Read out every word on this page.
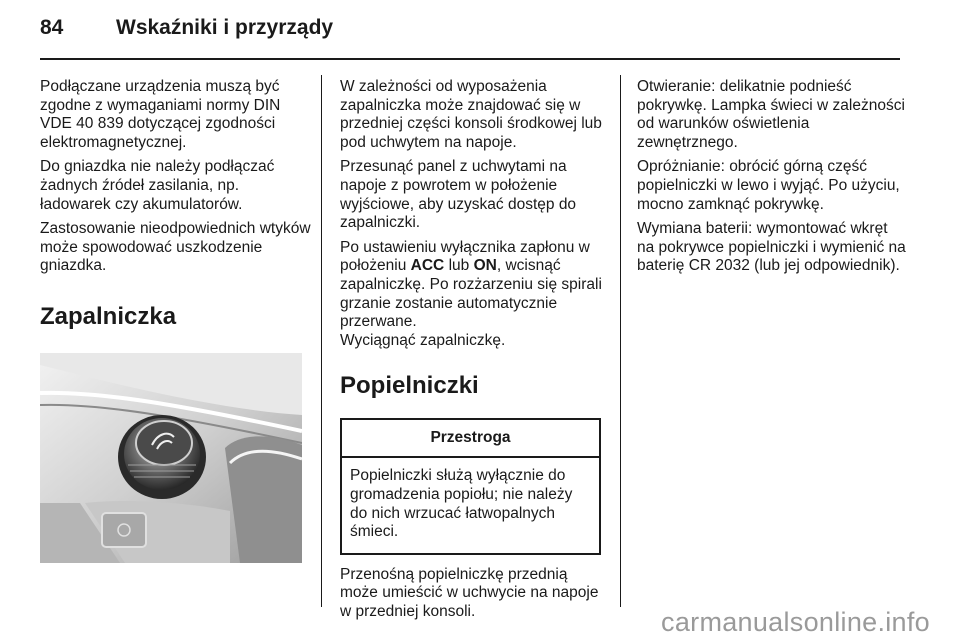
84	Wskaźniki i przyrządy

Podłączane urządzenia muszą być zgodne z wymaganiami normy DIN VDE 40 839 dotyczącej zgodności elektromagnetycznej.

Do gniazdka nie należy podłączać żadnych źródeł zasilania, np. ładowarek czy akumulatorów.

Zastosowanie nieodpowiednich wtyków może spowodować uszkodzenie gniazdka.

Zapalniczka

W zależności od wyposażenia zapalniczka może znajdować się w przedniej części konsoli środkowej lub pod uchwytem na napoje.

Przesunąć panel z uchwytami na napoje z powrotem w położenie wyjściowe, aby uzyskać dostęp do zapalniczki.

Po ustawieniu wyłącznika zapłonu w położeniu ACC lub ON, wcisnąć zapalniczkę. Po rozżarzeniu się spirali grzanie zostanie automatycznie przerwane.
Wyciągnąć zapalniczkę.

Popielniczki
Przestroga
Popielniczki służą wyłącznie do gromadzenia popiołu; nie należy do nich wrzucać łatwopalnych śmieci.

Przenośną popielniczkę przednią może umieścić w uchwycie na napoje w przedniej konsoli.

Otwieranie: delikatnie podnieść pokrywkę. Lampka świeci w zależności od warunków oświetlenia zewnętrznego.

Opróżnianie: obrócić górną część popielniczki w lewo i wyjąć. Po użyciu, mocno zamknąć pokrywkę.

Wymiana baterii: wymontować wkręt na pokrywce popielniczki i wymienić na baterię CR 2032 (lub jej odpowiednik).

carmanualsonline.info
